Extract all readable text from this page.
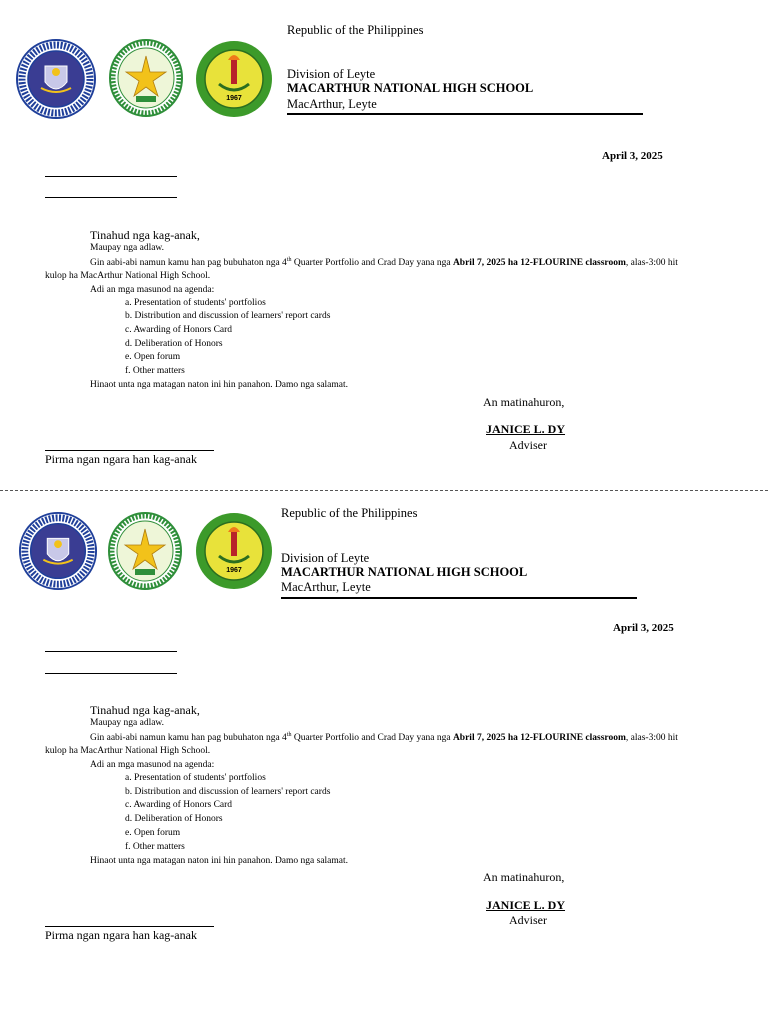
1967
Republic of the Philippines
Division of Leyte
MACARTHUR NATIONAL HIGH SCHOOL
MacArthur, Leyte
April 3, 2025
Tinahud nga kag-anak,
Maupay nga adlaw.
Gin aabi-abi namun kamu han pag bubuhaton nga 4th Quarter Portfolio and Crad Day yana nga Abril 7, 2025 ha 12-FLOURINE classroom, alas-3:00 hit
kulop ha MacArthur National High School.
Adi an mga masunod na agenda:
a. Presentation of students' portfolios
b. Distribution and discussion of learners' report cards
c. Awarding of Honors Card
d. Deliberation of Honors
e. Open forum
f. Other matters
Hinaot unta nga matagan naton ini hin panahon. Damo nga salamat.
An matinahuron,
JANICE L. DY
Adviser
Pirma ngan ngara han kag-anak
1967
Republic of the Philippines
Division of Leyte
MACARTHUR NATIONAL HIGH SCHOOL
MacArthur, Leyte
April 3, 2025
Tinahud nga kag-anak,
Maupay nga adlaw.
Gin aabi-abi namun kamu han pag bubuhaton nga 4th Quarter Portfolio and Crad Day yana nga Abril 7, 2025 ha 12-FLOURINE classroom, alas-3:00 hit
kulop ha MacArthur National High School.
Adi an mga masunod na agenda:
a. Presentation of students' portfolios
b. Distribution and discussion of learners' report cards
c. Awarding of Honors Card
d. Deliberation of Honors
e. Open forum
f. Other matters
Hinaot unta nga matagan naton ini hin panahon. Damo nga salamat.
An matinahuron,
JANICE L. DY
Adviser
Pirma ngan ngara han kag-anak
